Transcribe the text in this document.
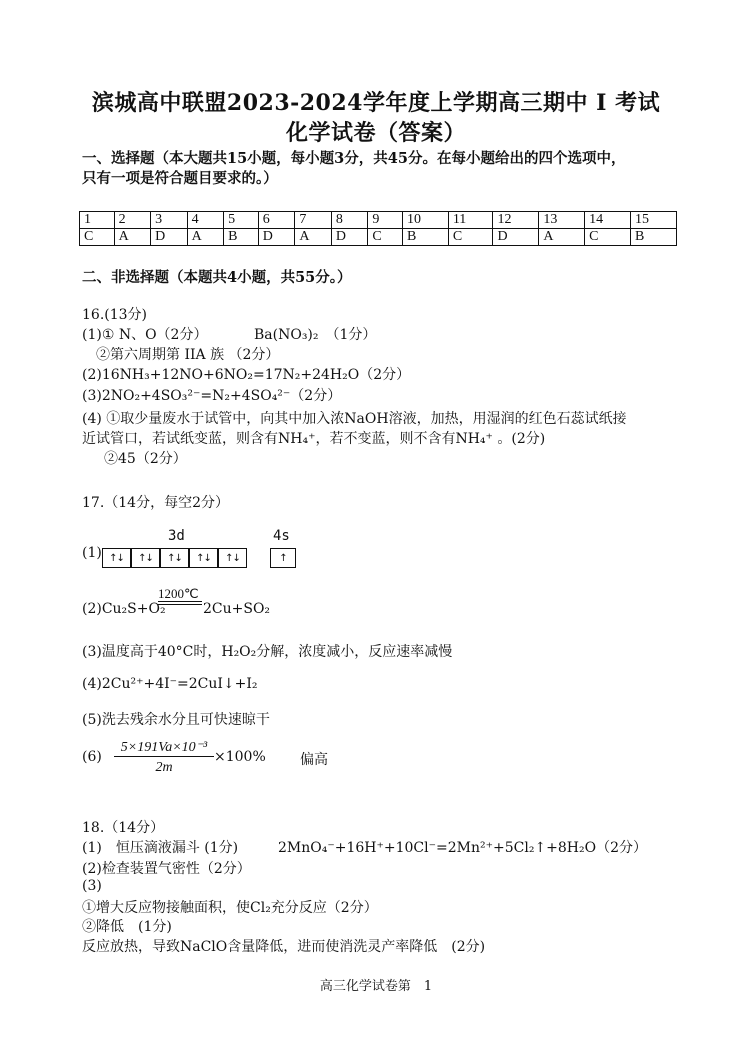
滨城高中联盟2023-2024学年度上学期高三期中 I 考试
化学试卷（答案）
一、选择题（本大题共15小题，每小题3分，共45分。在每小题给出的四个选项中，
只有一项是符合题目要求的。）
1	2	3	4	5	6	7	8	9	10	11	12	13	14	15
C	A	D	A	B	D	A	D	C	B	C	D	A	C	B
二、非选择题（本题共4小题，共55分。）
16.(13分)
(1)① N、O（2分）	Ba(NO₃)₂　（1分）
②第六周期第 IIA 族 （2分）
(2)16NH₃+12NO+6NO₂=17N₂+24H₂O（2分）
(3)2NO₂+4SO₃²⁻=N₂+4SO₄²⁻（2分）
(4) ①取少量废水于试管中，向其中加入浓NaOH溶液，加热，用湿润的红色石蕊试纸接
近试管口，若试纸变蓝，则含有NH₄⁺，若不变蓝，则不含有NH₄⁺ 。(2分)
②45（2分）
17.（14分，每空2分）
3d	4s
(1) ↑↓	↑↓	↑↓	↑↓	↑↓	↑
(2)Cu₂S+O₂
1200℃
2Cu+SO₂
(3)温度高于40°C时，H₂O₂分解，浓度减小，反应速率减慢
(4)2Cu²⁺+4I⁻=2CuI↓+I₂
(5)洗去残余水分且可快速晾干
(6)
5×191Va×10⁻³
2m
×100% 偏高
18.（14分）
(1)　恒压滴液漏斗 (1分)	2MnO₄⁻+16H⁺+10Cl⁻=2Mn²⁺+5Cl₂↑+8H₂O（2分）
(2)检查装置气密性（2分）
(3)
①增大反应物接触面积，使Cl₂充分反应（2分）
②降低　(1分)
反应放热，导致NaClO含量降低，进而使消洗灵产率降低　(2分)
高三化学试卷第　1
